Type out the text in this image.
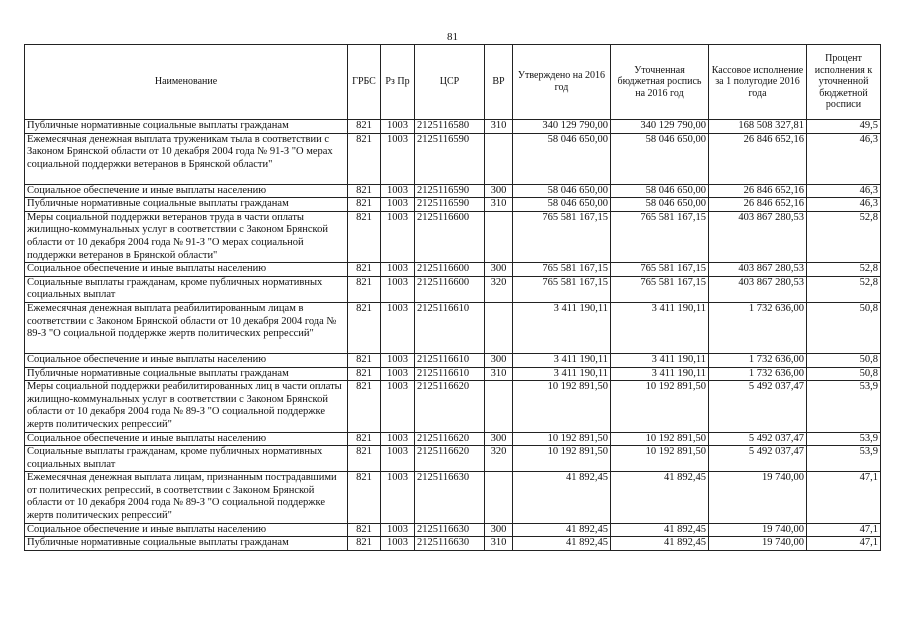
81
Наименование	ГРБС	Рз Пр	ЦСР	ВР	Утверждено на 2016 год	Уточненная бюджетная роспись на 2016 год	Кассовое исполнение за 1 полугодие 2016 года	Процент исполнения к уточненной бюджетной росписи
Публичные нормативные социальные выплаты гражданам	821	1003	2125116580	310	340 129 790,00	340 129 790,00	168 508 327,81	49,5
Ежемесячная денежная выплата труженикам тыла в соответствии с Законом Брянской области от 10 декабря 2004 года № 91-З "О мерах социальной поддержки ветеранов в Брянской области"	821	1003	2125116590		58 046 650,00	58 046 650,00	26 846 652,16	46,3
Социальное обеспечение и иные выплаты населению	821	1003	2125116590	300	58 046 650,00	58 046 650,00	26 846 652,16	46,3
Публичные нормативные социальные выплаты гражданам	821	1003	2125116590	310	58 046 650,00	58 046 650,00	26 846 652,16	46,3
Меры социальной поддержки ветеранов труда в части оплаты жилищно-коммунальных услуг в соответствии с Законом Брянской области от 10 декабря 2004 года № 91-З "О мерах социальной поддержки ветеранов в Брянской области"	821	1003	2125116600		765 581 167,15	765 581 167,15	403 867 280,53	52,8
Социальное обеспечение и иные выплаты населению	821	1003	2125116600	300	765 581 167,15	765 581 167,15	403 867 280,53	52,8
Социальные выплаты гражданам, кроме публичных нормативных социальных выплат	821	1003	2125116600	320	765 581 167,15	765 581 167,15	403 867 280,53	52,8
Ежемесячная денежная выплата реабилитированным лицам в соответствии с Законом Брянской области от 10 декабря 2004 года № 89-З "О социальной поддержке жертв политических репрессий"	821	1003	2125116610		3 411 190,11	3 411 190,11	1 732 636,00	50,8
Социальное обеспечение и иные выплаты населению	821	1003	2125116610	300	3 411 190,11	3 411 190,11	1 732 636,00	50,8
Публичные нормативные социальные выплаты гражданам	821	1003	2125116610	310	3 411 190,11	3 411 190,11	1 732 636,00	50,8
Меры социальной поддержки реабилитированных лиц в части оплаты жилищно-коммунальных услуг в соответствии с Законом Брянской области от 10 декабря 2004 года № 89-З "О социальной поддержке жертв политических репрессий"	821	1003	2125116620		10 192 891,50	10 192 891,50	5 492 037,47	53,9
Социальное обеспечение и иные выплаты населению	821	1003	2125116620	300	10 192 891,50	10 192 891,50	5 492 037,47	53,9
Социальные выплаты гражданам, кроме публичных нормативных социальных выплат	821	1003	2125116620	320	10 192 891,50	10 192 891,50	5 492 037,47	53,9
Ежемесячная денежная выплата лицам, признанным пострадавшими от политических репрессий, в соответствии с Законом Брянской области от 10 декабря 2004 года № 89-З "О социальной поддержке жертв политических репрессий"	821	1003	2125116630		41 892,45	41 892,45	19 740,00	47,1
Социальное обеспечение и иные выплаты населению	821	1003	2125116630	300	41 892,45	41 892,45	19 740,00	47,1
Публичные нормативные социальные выплаты гражданам	821	1003	2125116630	310	41 892,45	41 892,45	19 740,00	47,1
